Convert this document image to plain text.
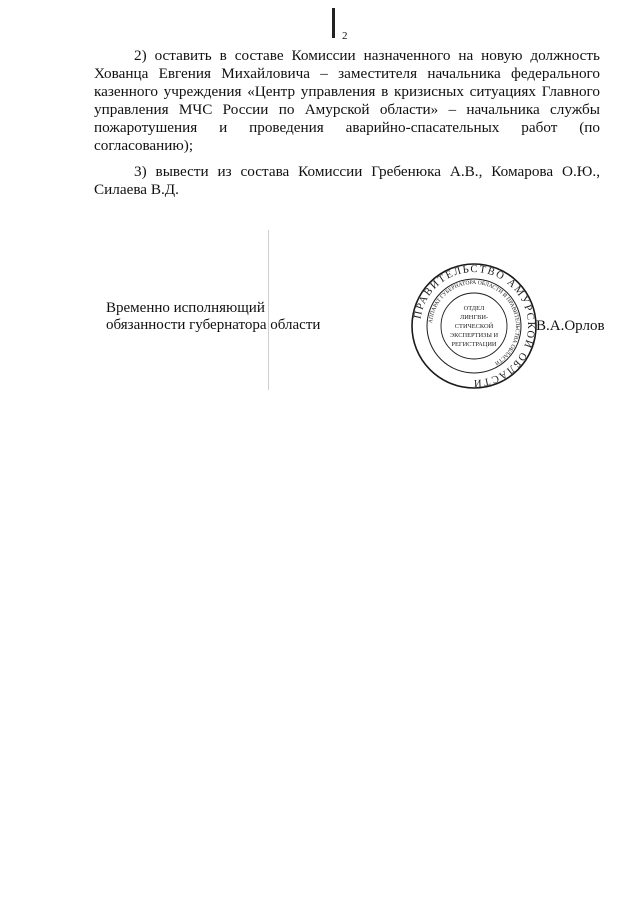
2

2) оставить в составе Комиссии назначенного на новую должность Хованца Евгения Михайловича – заместителя начальника федерального казенного учреждения «Центр управления в кризисных ситуациях Главного управления МЧС России по Амурской области» – начальника службы пожаротушения и проведения аварийно-спасательных работ (по согласованию);

3) вывести из состава Комиссии Гребенюка А.В., Комарова О.Ю., Силаева В.Д.

Временно исполняющий
обязанности губернатора области

ПРАВИТЕЛЬСТВО АМУРСКОЙ ОБЛАСТИ
АППАРАТ ГУБЕРНАТОРА ОБЛАСТИ И ПРАВИТЕЛЬСТВА ОБЛАСТИ
ОТДЕЛ
ЛИНГВИ-
СТИЧЕСКОЙ
ЭКСПЕРТИЗЫ И
РЕГИСТРАЦИИ
В.А.Орлов
